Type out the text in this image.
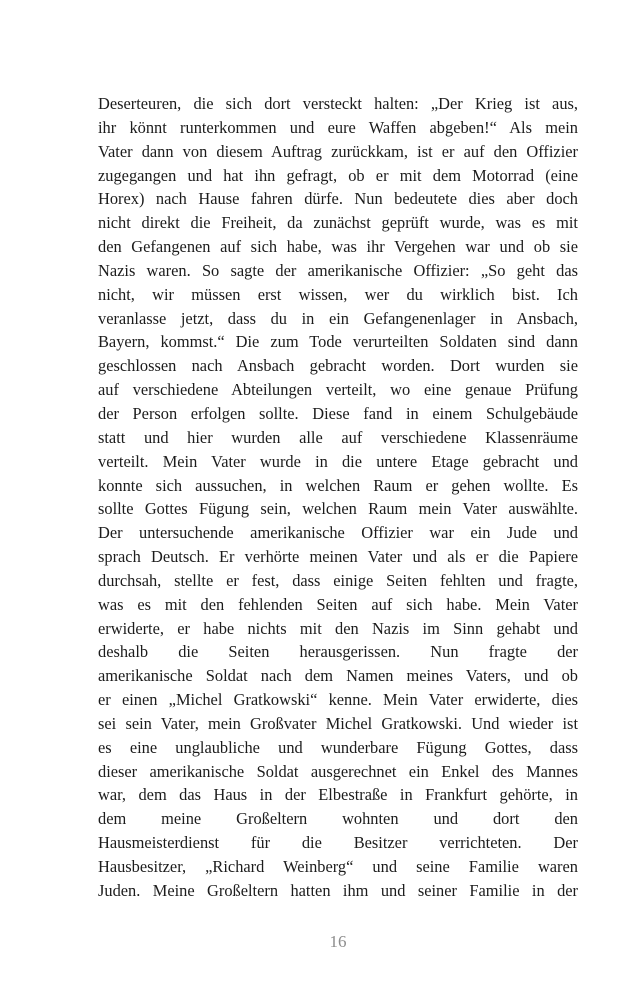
Deserteuren, die sich dort versteckt halten: „Der Krieg ist aus,
ihr könnt runterkommen und eure Waffen abgeben!“ Als mein
Vater dann von diesem Auftrag zurückkam, ist er auf den Offizier
zugegangen und hat ihn gefragt, ob er mit dem Motorrad (eine
Horex) nach Hause fahren dürfe. Nun bedeutete dies aber doch
nicht direkt die Freiheit, da zunächst geprüft wurde, was es mit
den Gefangenen auf sich habe, was ihr Vergehen war und ob sie
Nazis waren. So sagte der amerikanische Offizier: „So geht das
nicht, wir müssen erst wissen, wer du wirklich bist. Ich
veranlasse jetzt, dass du in ein Gefangenenlager in Ansbach,
Bayern, kommst.“ Die zum Tode verurteilten Soldaten sind dann
geschlossen nach Ansbach gebracht worden. Dort wurden sie
auf verschiedene Abteilungen verteilt, wo eine genaue Prüfung
der Person erfolgen sollte. Diese fand in einem Schulgebäude
statt und hier wurden alle auf verschiedene Klassenräume
verteilt. Mein Vater wurde in die untere Etage gebracht und
konnte sich aussuchen, in welchen Raum er gehen wollte. Es
sollte Gottes Fügung sein, welchen Raum mein Vater auswählte.
Der untersuchende amerikanische Offizier war ein Jude und
sprach Deutsch. Er verhörte meinen Vater und als er die Papiere
durchsah, stellte er fest, dass einige Seiten fehlten und fragte,
was es mit den fehlenden Seiten auf sich habe. Mein Vater
erwiderte, er habe nichts mit den Nazis im Sinn gehabt und
deshalb die Seiten herausgerissen. Nun fragte der
amerikanische Soldat nach dem Namen meines Vaters, und ob
er einen „Michel Gratkowski“ kenne. Mein Vater erwiderte, dies
sei sein Vater, mein Großvater Michel Gratkowski. Und wieder ist
es eine unglaubliche und wunderbare Fügung Gottes, dass
dieser amerikanische Soldat ausgerechnet ein Enkel des Mannes
war, dem das Haus in der Elbestraße in Frankfurt gehörte, in
dem meine Großeltern wohnten und dort den
Hausmeisterdienst für die Besitzer verrichteten. Der
Hausbesitzer, „Richard Weinberg“ und seine Familie waren
Juden. Meine Großeltern hatten ihm und seiner Familie in der
16
